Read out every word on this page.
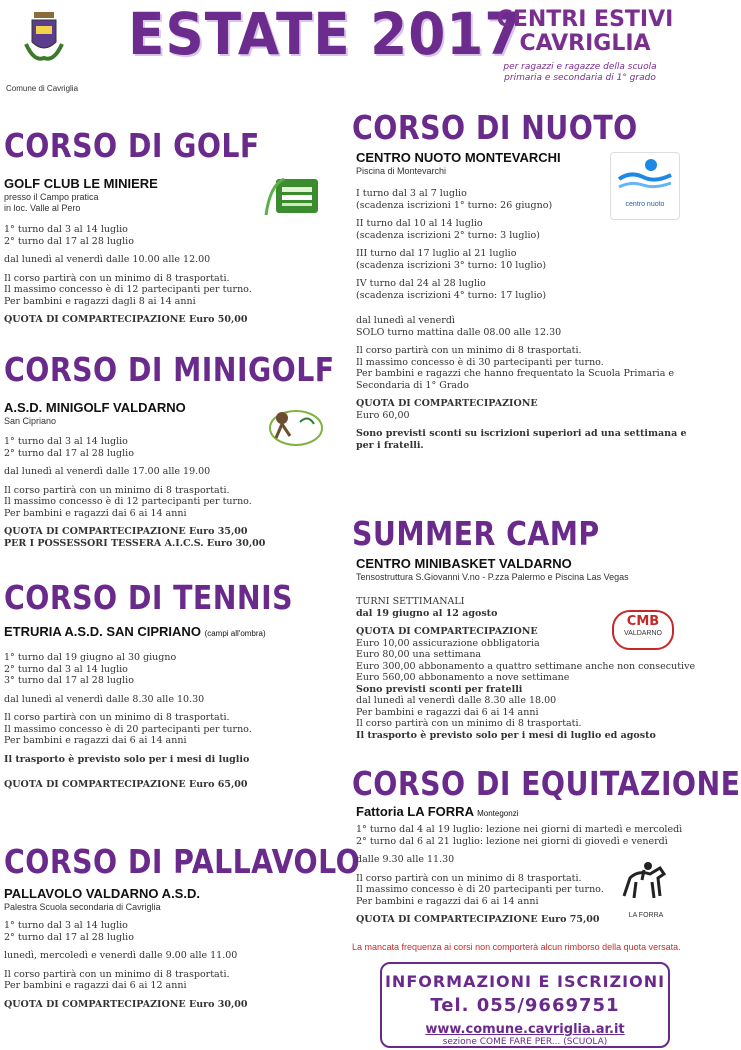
Comune di Cavriglia
ESTATE 2017
CENTRI ESTIVI
CAVRIGLIA
per ragazzi e ragazze della scuola
primaria e secondaria di 1° grado
CORSO DI GOLF
GOLF CLUB LE MINIERE
presso il Campo pratica
in loc. Valle al Pero
1° turno dal 3 al 14 luglio
2° turno dal 17 al 28 luglio
dal lunedì al venerdì dalle 10.00 alle 12.00
Il corso partirà con un minimo di 8 trasportati.
Il massimo concesso è di 12 partecipanti per turno.
Per bambini e ragazzi dagli 8 ai 14 anni
QUOTA DI COMPARTECIPAZIONE Euro 50,00
CORSO DI MINIGOLF
A.S.D. MINIGOLF VALDARNO
San Cipriano
1° turno dal 3 al 14 luglio
2° turno dal 17 al 28 luglio
dal lunedì al venerdì dalle 17.00 alle 19.00
Il corso partirà con un minimo di 8 trasportati.
Il massimo concesso è di 12 partecipanti per turno.
Per bambini e ragazzi dai 6 ai 14 anni
QUOTA DI COMPARTECIPAZIONE Euro 35,00
PER I POSSESSORI TESSERA A.I.C.S. Euro 30,00
CORSO DI TENNIS
ETRURIA A.S.D. SAN CIPRIANO (campi all'ombra)
1° turno dal 19 giugno al 30 giugno
2° turno dal 3 al 14 luglio
3° turno dal 17 al 28 luglio
dal lunedì al venerdì dalle 8.30 alle 10.30
Il corso partirà con un minimo di 8 trasportati.
Il massimo concesso è di 20 partecipanti per turno.
Per bambini e ragazzi dai 6 ai 14 anni
Il trasporto è previsto solo per i mesi di luglio
QUOTA DI COMPARTECIPAZIONE Euro 65,00
CORSO DI PALLAVOLO
PALLAVOLO VALDARNO A.S.D.
Palestra Scuola secondaria di Cavriglia
1° turno dal 3 al 14 luglio
2° turno dal 17 al 28 luglio
lunedì, mercoledì e venerdì dalle 9.00 alle 11.00
Il corso partirà con un minimo di 8 trasportati.
Per bambini e ragazzi dai 6 ai 12 anni
QUOTA DI COMPARTECIPAZIONE Euro 30,00
CORSO DI NUOTO
CENTRO NUOTO MONTEVARCHI
Piscina di Montevarchi
centro nuoto
I turno dal 3 al 7 luglio
(scadenza iscrizioni 1° turno: 26 giugno)
II turno dal 10 al 14 luglio
(scadenza iscrizioni 2° turno: 3 luglio)
III turno dal 17 luglio al 21 luglio
(scadenza iscrizioni 3° turno: 10 luglio)
IV turno dal 24 al 28 luglio
(scadenza iscrizioni 4° turno: 17 luglio)
dal lunedì al venerdì
SOLO turno mattina dalle 08.00 alle 12.30
Il corso partirà con un minimo di 8 trasportati.
Il massimo concesso è di 30 partecipanti per turno.
Per bambini e ragazzi che hanno frequentato la Scuola Primaria e
Secondaria di 1° Grado
QUOTA DI COMPARTECIPAZIONE
Euro 60,00
Sono previsti sconti su iscrizioni superiori ad una settimana e
per i fratelli.
SUMMER CAMP
CENTRO MINIBASKET VALDARNO
Tensostruttura S.Giovanni V.no - P.zza Palermo e Piscina Las Vegas
CMB
VALDARNO
TURNI SETTIMANALI
dal 19 giugno al 12 agosto
QUOTA DI COMPARTECIPAZIONE
Euro 10,00 assicurazione obbligatoria
Euro 80,00 una settimana
Euro 300,00 abbonamento a quattro settimane anche non consecutive
Euro 560,00 abbonamento a nove settimane
Sono previsti sconti per fratelli
dal lunedì al venerdì dalle 8.30 alle 18.00
Per bambini e ragazzi dai 6 ai 14 anni
Il corso partirà con un minimo di 8 trasportati.
Il trasporto è previsto solo per i mesi di luglio ed agosto
CORSO DI EQUITAZIONE
Fattoria LA FORRA Montegonzi
LA FORRA
1° turno dal 4 al 19 luglio: lezione nei giorni di martedì e mercoledì
2° turno dal 6 al 21 luglio: lezione nei giorni di giovedì e venerdì
dalle 9.30 alle 11.30
Il corso partirà con un minimo di 8 trasportati.
Il massimo concesso è di 20 partecipanti per turno.
Per bambini e ragazzi dai 6 ai 14 anni
QUOTA DI COMPARTECIPAZIONE Euro 75,00
La mancata frequenza ai corsi non comporterà alcun rimborso della quota versata.
INFORMAZIONI E ISCRIZIONI
Tel. 055/9669751
www.comune.cavriglia.ar.it
sezione COME FARE PER... (SCUOLA)
